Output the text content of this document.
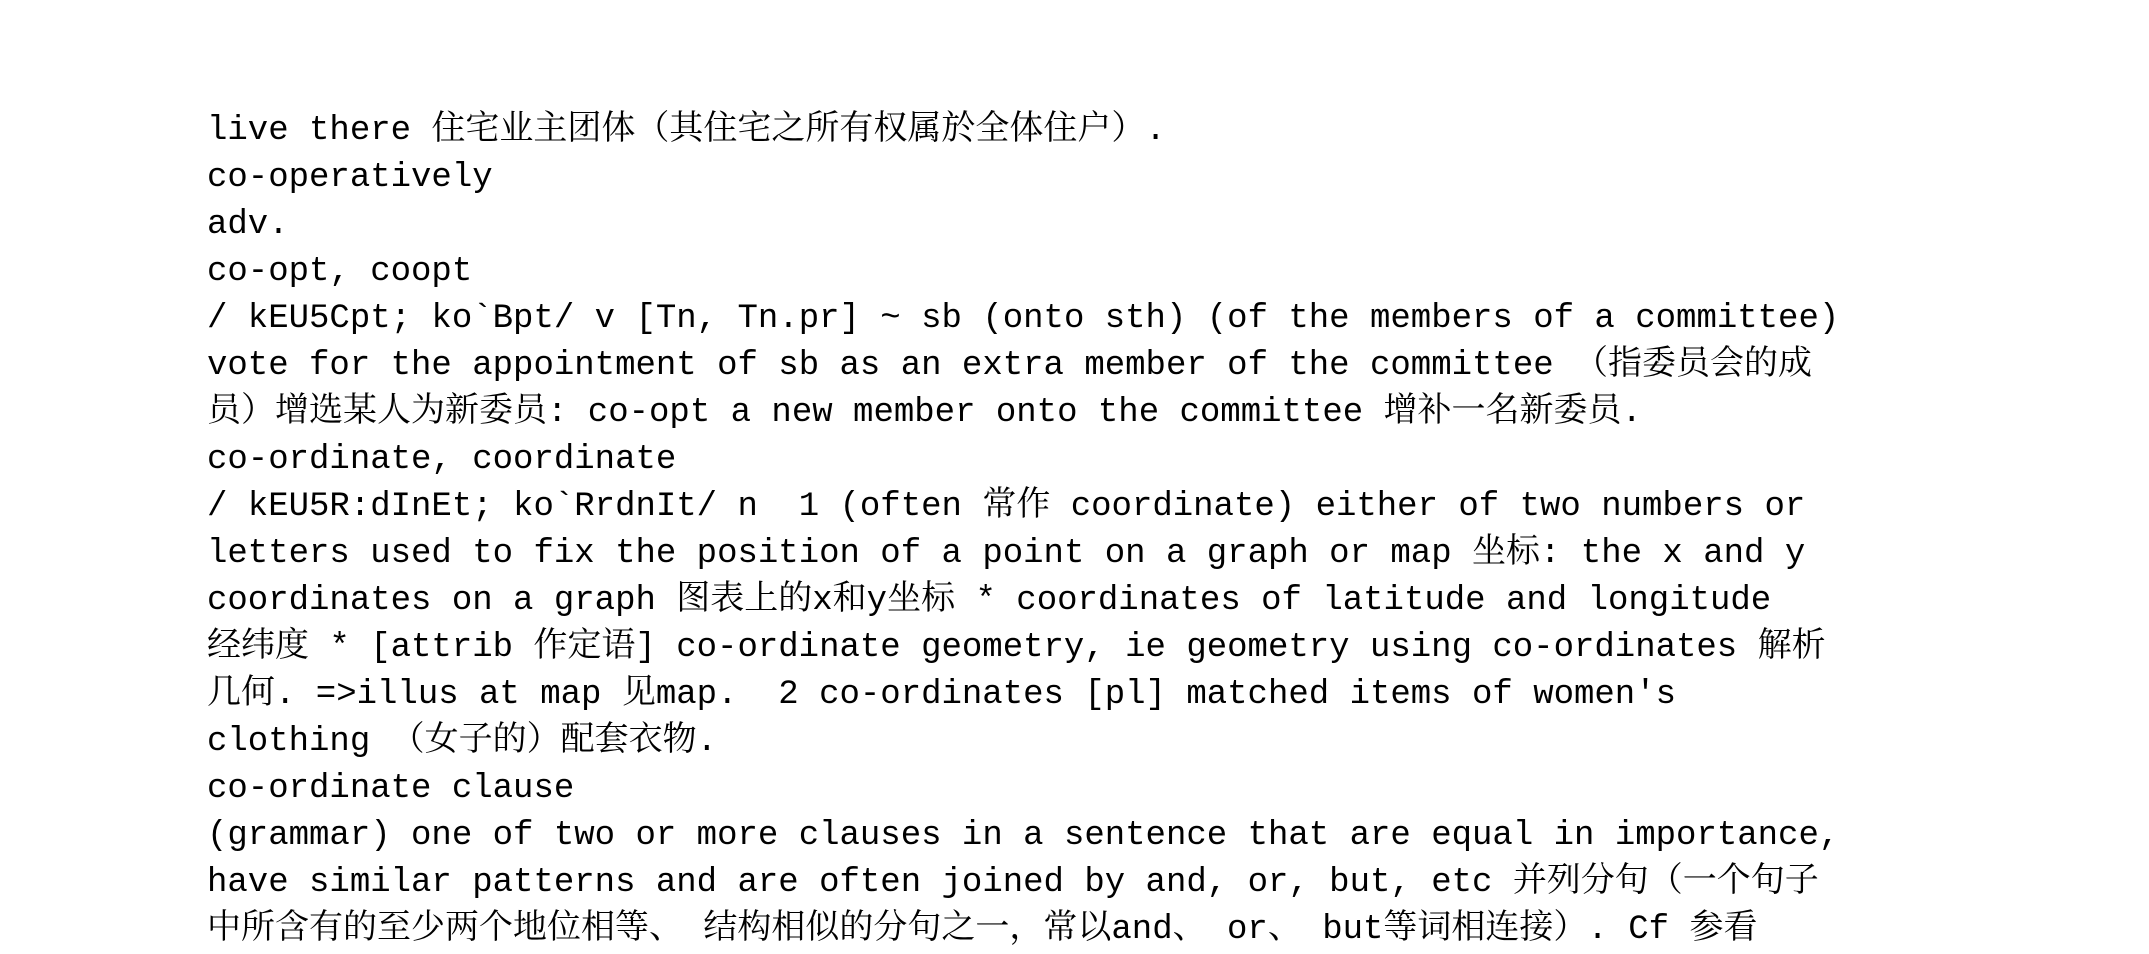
live there 住宅业主团体（其住宅之所有权属於全体住户）.
co-operatively
adv.
co-opt, coopt
/ kEU5Cpt; ko`Bpt/ v [Tn, Tn.pr] ~ sb (onto sth) (of the members of a committee)
vote for the appointment of sb as an extra member of the committee （指委员会的成
员）增选某人为新委员: co-opt a new member onto the committee 增补一名新委员.
co-ordinate, coordinate
/ kEU5R:dInEt; ko`RrdnIt/ n  1 (often 常作 coordinate) either of two numbers or
letters used to fix the position of a point on a graph or map 坐标: the x and y
coordinates on a graph 图表上的x和y坐标 * coordinates of latitude and longitude
经纬度 * [attrib 作定语] co-ordinate geometry, ie geometry using co-ordinates 解析
几何. =>illus at map 见map.  2 co-ordinates [pl] matched items of women's
clothing （女子的）配套衣物.
co-ordinate clause
(grammar) one of two or more clauses in a sentence that are equal in importance,
have similar patterns and are often joined by and, or, but, etc 并列分句（一个句子
中所含有的至少两个地位相等、 结构相似的分句之一，常以and、 or、 but等词相连接）. Cf 参看
